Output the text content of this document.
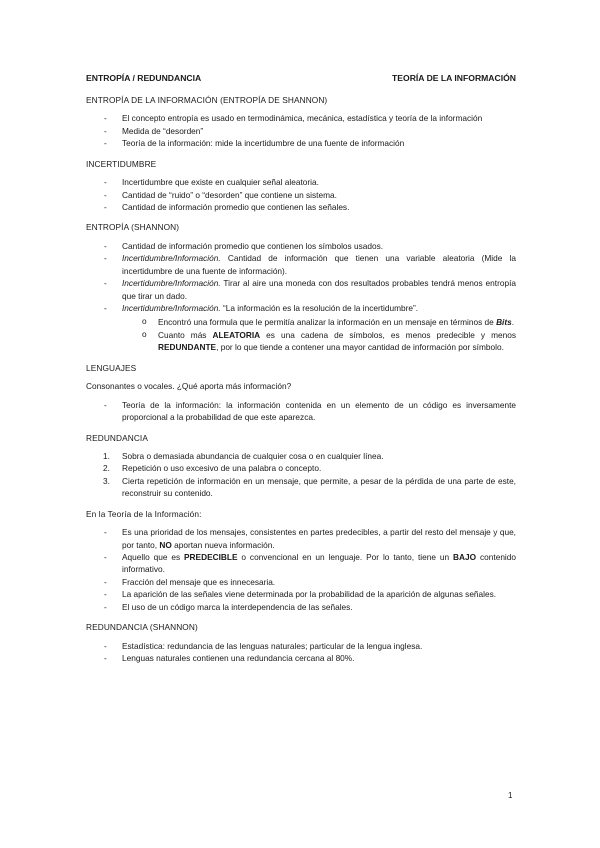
ENTROPÍA / REDUNDANCIA	TEORÍA DE LA INFORMACIÓN

ENTROPÍA DE LA INFORMACIÓN (ENTROPÍA DE SHANNON)

- El concepto entropía es usado en termodinámica, mecánica, estadística y teoría de la información
- Medida de “desorden”
- Teoría de la información: mide la incertidumbre de una fuente de información

INCERTIDUMBRE

- Incertidumbre que existe en cualquier señal aleatoria.
- Cantidad de “ruido” o “desorden” que contiene un sistema.
- Cantidad de información promedio que contienen las señales.

ENTROPÍA (SHANNON)

- Cantidad de información promedio que contienen los símbolos usados.
- Incertidumbre/Información. Cantidad de información que tienen una variable aleatoria (Mide la incertidumbre de una fuente de información).
- Incertidumbre/Información. Tirar al aire una moneda con dos resultados probables tendrá menos entropía que tirar un dado.
- Incertidumbre/Información. “La información es la resolución de la incertidumbre”.
o Encontró una formula que le permitía analizar la información en un mensaje en términos de Bits.
o Cuanto más ALEATORIA es una cadena de símbolos, es menos predecible y menos REDUNDANTE, por lo que tiende a contener una mayor cantidad de información por símbolo.

LENGUAJES

Consonantes o vocales. ¿Qué aporta más información?

- Teoría de la información: la información contenida en un elemento de un código es inversamente proporcional a la probabilidad de que este aparezca.

REDUNDANCIA

1. Sobra o demasiada abundancia de cualquier cosa o en cualquier línea.
2. Repetición o uso excesivo de una palabra o concepto.
3. Cierta repetición de información en un mensaje, que permite, a pesar de la pérdida de una parte de este, reconstruir su contenido.

En la Teoría de la Información:

- Es una prioridad de los mensajes, consistentes en partes predecibles, a partir del resto del mensaje y que, por tanto, NO aportan nueva información.
- Aquello que es PREDECIBLE o convencional en un lenguaje. Por lo tanto, tiene un BAJO contenido informativo.
- Fracción del mensaje que es innecesaria.
- La aparición de las señales viene determinada por la probabilidad de la aparición de algunas señales.
- El uso de un código marca la interdependencia de las señales.

REDUNDANCIA (SHANNON)

- Estadística: redundancia de las lenguas naturales; particular de la lengua inglesa.
- Lenguas naturales contienen una redundancia cercana al 80%.
1
